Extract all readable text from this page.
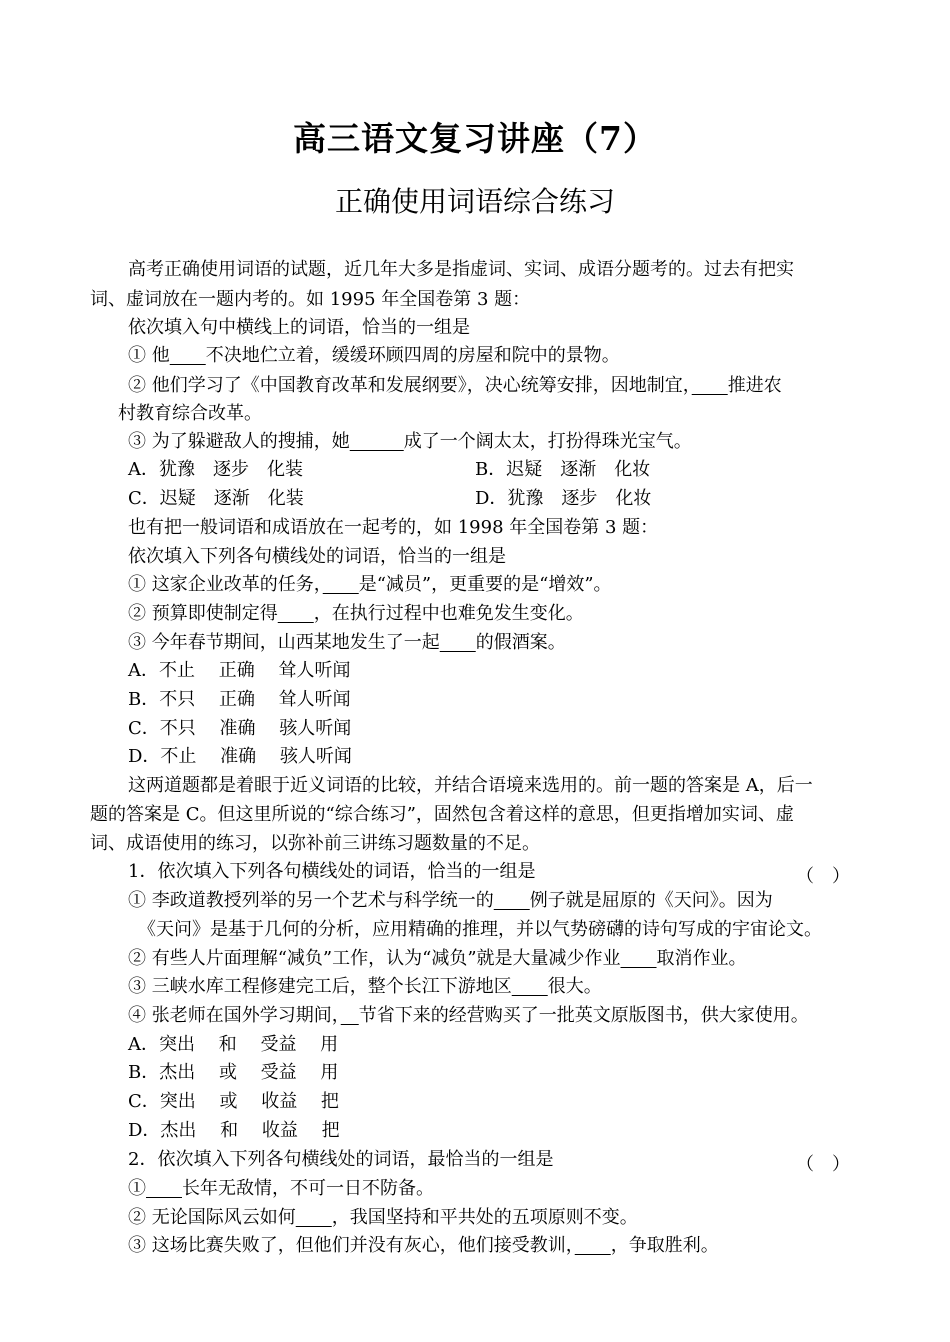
高三语文复习讲座（7）
正确使用词语综合练习
高考正确使用词语的试题，近几年大多是指虚词、实词、成语分题考的。过去有把实
词、虚词放在一题内考的。如 1995 年全国卷第 3 题：
依次填入句中横线上的词语，恰当的一组是
① 他　　 不决地伫立着，缓缓环顾四周的房屋和院中的景物。
② 他们学习了《中国教育改革和发展纲要》，决心统筹安排，因地制宜，　　 推进农
村教育综合改革。
③ 为了躲避敌人的搜捕，她　　　	成了一个阔太太，打扮得珠光宝气。
A．犹豫　逐步　化装	B．迟疑　逐渐　化妆
C．迟疑　逐渐　化装	D．犹豫　逐步　化妆
也有把一般词语和成语放在一起考的，如 1998 年全国卷第 3 题：
依次填入下列各句横线处的词语，恰当的一组是
① 这家企业改革的任务，　　 是“减员”，更重要的是“增效”。
② 预算即使制定得　　 ，在执行过程中也难免发生变化。
③ 今年春节期间，山西某地发生了一起　　 的假酒案。
A．不止　 正确　 耸人听闻
B．不只　 正确　 耸人听闻
C．不只　 准确　 骇人听闻
D．不止　 准确　 骇人听闻
这两道题都是着眼于近义词语的比较，并结合语境来选用的。前一题的答案是 A，后一
题的答案是 C。但这里所说的“综合练习”，固然包含着这样的意思，但更指增加实词、虚
词、成语使用的练习，以弥补前三讲练习题数量的不足。
1．依次填入下列各句横线处的词语，恰当的一组是	（　）
① 李政道教授列举的另一个艺术与科学统一的　　 例子就是屈原的《天问》。因为
《天问》是基于几何的分析，应用精确的推理，并以气势磅礴的诗句写成的宇宙论文。
② 有些人片面理解“减负”工作，认为“减负”就是大量减少作业　　 取消作业。
③ 三峡水库工程修建完工后，整个长江下游地区　　 很大。
④ 张老师在国外学习期间，　 节省下来的经营购买了一批英文原版图书，供大家使用。
A．突出　 和　 受益　 用
B．杰出　 或　 受益　 用
C．突出　 或　 收益　 把
D．杰出　 和　 收益　 把
2．依次填入下列各句横线处的词语，最恰当的一组是	（　）
①　　 长年无敌情，不可一日不防备。
② 无论国际风云如何　　 ，我国坚持和平共处的五项原则不变。
③ 这场比赛失败了，但他们并没有灰心，他们接受教训，　　 ，争取胜利。
